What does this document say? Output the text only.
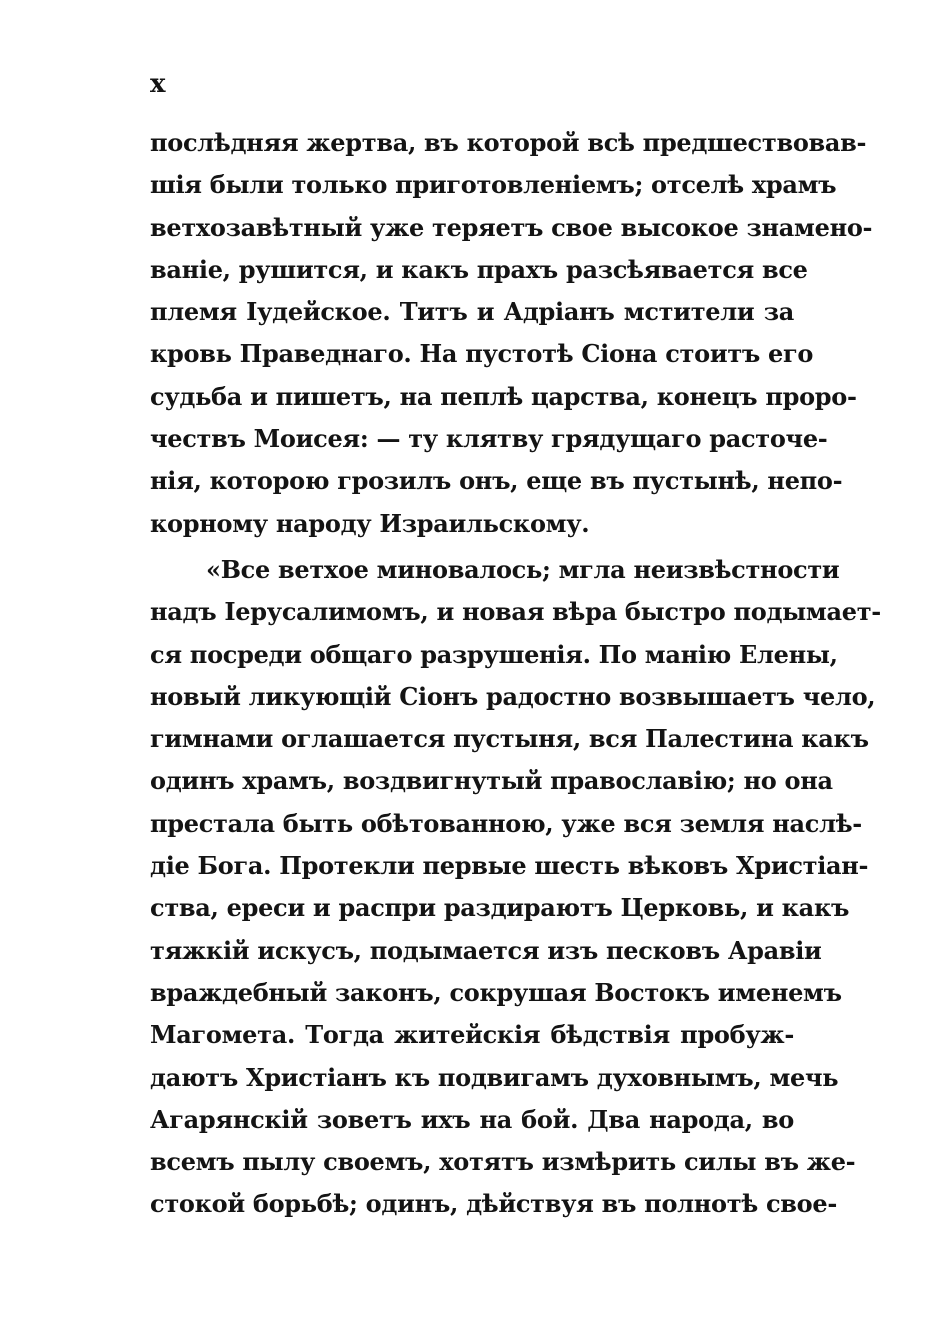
x
послѣдняя жертва, въ которой всѣ предшествовав-
шія были только приготовленіемъ; отселѣ храмъ
ветхозавѣтный уже теряетъ свое высокое знамено-
ваніе, рушится, и какъ прахъ разсѣявается все
племя Іудейское. Титъ и Адріанъ мстители за
кровь Праведнаго. На пустотѣ Сіона стоитъ его
судьба и пишетъ, на пеплѣ царства, конецъ проро-
чествъ Моисея: — ту клятву грядущаго расточе-
нія, которою грозилъ онъ, еще въ пустынѣ, непо-
корному народу Израильскому.
«Все ветхое миновалось; мгла неизвѣстности
надъ Іерусалимомъ, и новая вѣра быстро подымает-
ся посреди общаго разрушенія. По манію Елены,
новый ликующій Сіонъ радостно возвышаетъ чело,
гимнами оглашается пустыня, вся Палестина какъ
одинъ храмъ, воздвигнутый православію; но она
престала быть обѣтованною, уже вся земля наслѣ-
діе Бога. Протекли первые шесть вѣковъ Христіан-
ства, ереси и распри раздираютъ Церковь, и какъ
тяжкій искусъ, подымается изъ песковъ Аравіи
враждебный законъ, сокрушая Востокъ именемъ
Магомета. Тогда житейскія бѣдствія пробуж-
даютъ Христіанъ къ подвигамъ духовнымъ, мечь
Агарянскій зоветъ ихъ на бой. Два народа, во
всемъ пылу своемъ, хотятъ измѣрить силы въ же-
стокой борьбѣ; одинъ, дѣйствуя въ полнотѣ свое-
